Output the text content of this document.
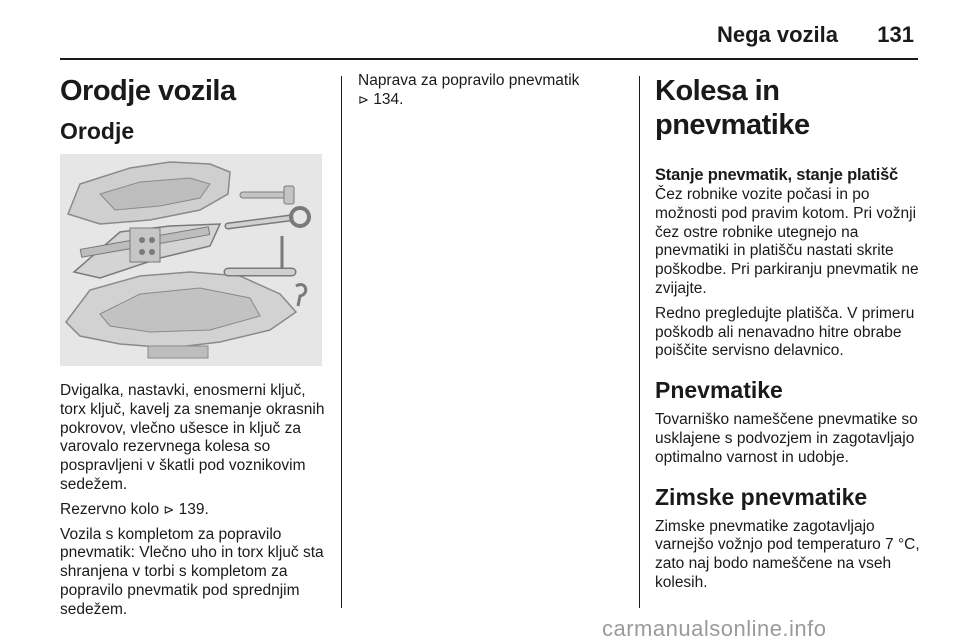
Nega vozila 131
Orodje vozila
Orodje

Dvigalka, nastavki, enosmerni ključ, torx ključ, kavelj za snemanje okrasnih pokrovov, vlečno ušesce in ključ za varovalo rezervnega kolesa so pospravljeni v škatli pod voznikovim sedežem.

Rezervno kolo ⊳ 139.

Vozila s kompletom za popravilo pnevmatik: Vlečno uho in torx ključ sta shranjena v torbi s kompletom za popravilo pnevmatik pod sprednjim sedežem.

Naprava za popravilo pnevmatik
⊳ 134.	Kolesa in pnevmatike
Stanje pnevmatik, stanje platišč

Čez robnike vozite počasi in po možnosti pod pravim kotom. Pri vožnji čez ostre robnike utegnejo na pnevmatiki in platišču nastati skrite poškodbe. Pri parkiranju pnevmatik ne zvijajte.

Redno pregledujte platišča. V primeru poškodb ali nenavadno hitre obrabe poiščite servisno delavnico.

Pnevmatike

Tovarniško nameščene pnevmatike so usklajene s podvozjem in zagotavljajo optimalno varnost in udobje.

Zimske pnevmatike

Zimske pnevmatike zagotavljajo varnejšo vožnjo pod temperaturo 7 °C, zato naj bodo nameščene na vseh kolesih.

carmanualsonline.info
